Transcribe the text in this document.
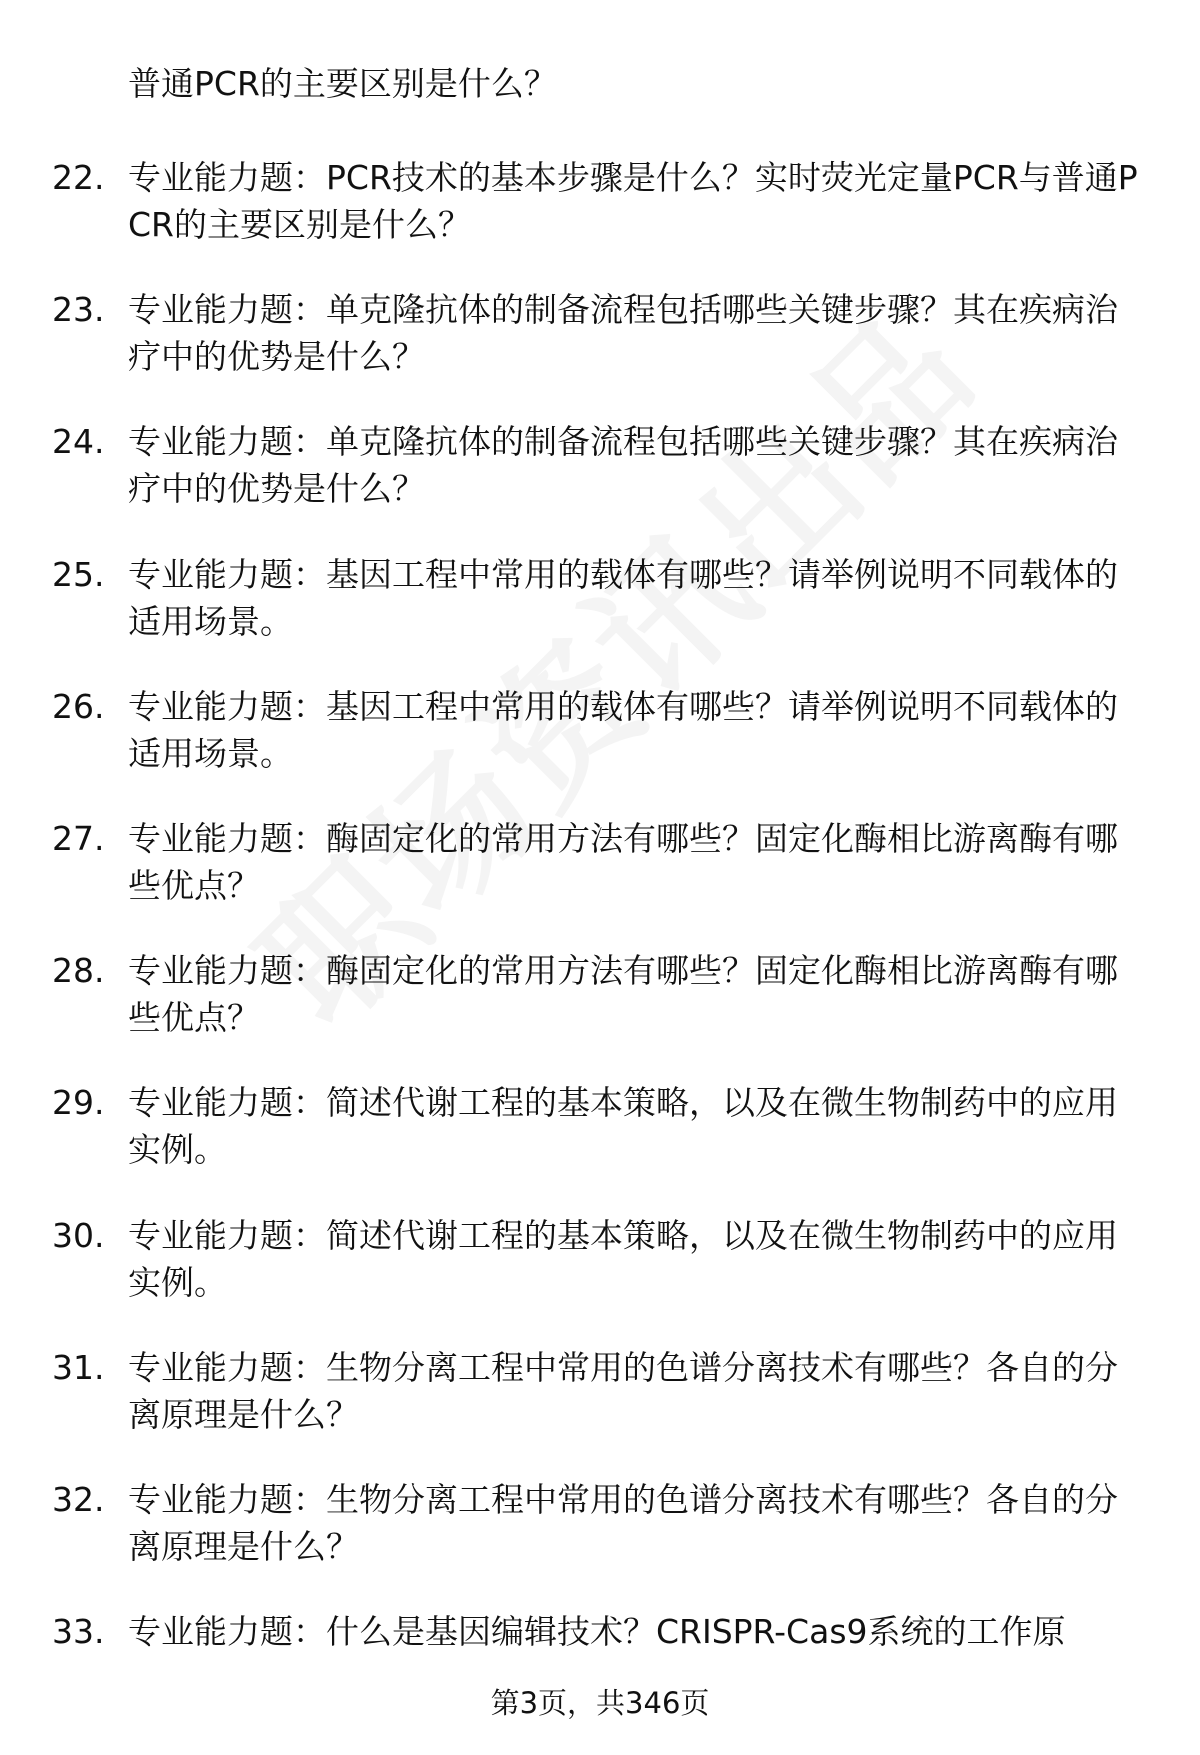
普通PCR的主要区别是什么？
22. 专业能力题：PCR技术的基本步骤是什么？实时荧光定量PCR与普通PCR的主要区别是什么？
23. 专业能力题：单克隆抗体的制备流程包括哪些关键步骤？其在疾病治疗中的优势是什么？
24. 专业能力题：单克隆抗体的制备流程包括哪些关键步骤？其在疾病治疗中的优势是什么？
25. 专业能力题：基因工程中常用的载体有哪些？请举例说明不同载体的适用场景。
26. 专业能力题：基因工程中常用的载体有哪些？请举例说明不同载体的适用场景。
27. 专业能力题：酶固定化的常用方法有哪些？固定化酶相比游离酶有哪些优点？
28. 专业能力题：酶固定化的常用方法有哪些？固定化酶相比游离酶有哪些优点？
29. 专业能力题：简述代谢工程的基本策略，以及在微生物制药中的应用实例。
30. 专业能力题：简述代谢工程的基本策略，以及在微生物制药中的应用实例。
31. 专业能力题：生物分离工程中常用的色谱分离技术有哪些？各自的分离原理是什么？
32. 专业能力题：生物分离工程中常用的色谱分离技术有哪些？各自的分离原理是什么？
33. 专业能力题：什么是基因编辑技术？CRISPR-Cas9系统的工作原
第3页，共346页
